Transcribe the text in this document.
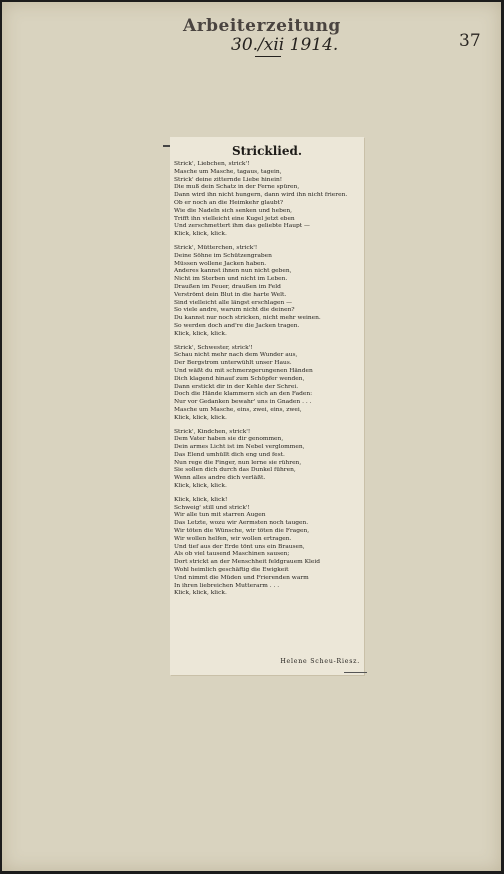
Arbeiterzeitung
30./xii 1914.	37
Stricklied.
Strick', Liebchen, strick'!
Masche um Masche, tagaus, tagein,
Strick' deine zitternde Liebe hinein!
Die muß dein Schatz in der Ferne spüren,
Dann wird ihn nicht hungern, dann wird ihn nicht frieren.
Ob er noch an die Heimkehr glaubt?
Wie die Nadeln sich senken und heben,
Trifft ihn vielleicht eine Kugel jetzt eben
Und zerschmettert ihm das geliebte Haupt —
Klick, klick, klick.
Strick', Mütterchen, strick'!
Deine Söhne im Schützengraben
Müssen wollene Jacken haben.
Anderes kannst ihnen nun nicht geben,
Nicht im Sterben und nicht im Leben.
Draußen im Feuer, draußen im Feld
Verströmt dein Blut in die harte Welt.
Sind vielleicht alle längst erschlagen —
So viele andre, warum nicht die deinen?
Du kannst nur noch stricken, nicht mehr weinen.
So werden doch and're die Jacken tragen.
Klick, klick, klick.
Strick', Schwester, strick'!
Schau nicht mehr nach dem Wunder aus,
Der Bergstrom unterwühlt unser Haus.
Und wäßt du mit schmerzgerungenen Händen
Dich klagend hinauf zum Schöpfer wenden,
Dann erstickt dir in der Kehle der Schrei.
Doch die Hände klammern sich an den Faden:
Nur vor Gedanken bewahr' uns in Gnaden . . .
Masche um Masche, eins, zwei, eins, zwei,
Klick, klick, klick.
Strick', Kindchen, strick'!
Dem Vater haben sie dir genommen,
Dein armes Licht ist im Nebel verglommen,
Das Elend umhüllt dich eng und fest.
Nun rege die Finger, nun lerne sie rühren,
Sie sollen dich durch das Dunkel führen,
Wenn alles andre dich verläßt.
Klick, klick, klick.
Klick, klick, klick!
Schweig' still und strick'!
Wir alle tun mit starren Augen
Das Letzte, wozu wir Aermsten noch taugen.
Wir töten die Wünsche, wir töten die Fragen,
Wir wollen helfen, wir wollen ertragen.
Und tief aus der Erde tönt uns ein Brausen,
Als ob viel tausend Maschinen sausen;
Dort strickt an der Menschheit feldgrauem Kleid
Wohl heimlich geschäftig die Ewigkeit
Und nimmt die Müden und Frierenden warm
In ihren liebreichen Mutterarm . . .
Klick, klick, klick.
Helene Scheu-Riesz.
